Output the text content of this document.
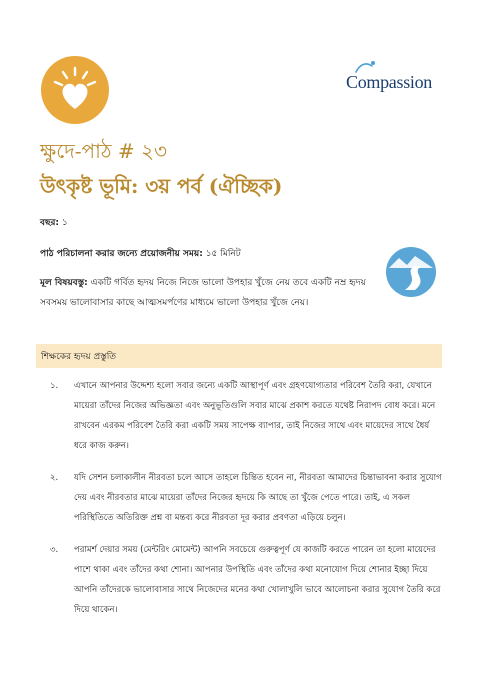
Compassion
ক্ষুদে-পাঠ # ২৩
উৎকৃষ্ট ভূমি: ৩য় পর্ব (ঐচ্ছিক)
বছর: ১
পাঠ পরিচালনা করার জন্যে প্রয়োজনীয় সময়: ১৫ মিনিট
মূল বিষয়বস্তু: একটি গর্বিত হৃদয় নিজে নিজে ভালো উপহার খুঁজে নেয় তবে একটি নম্র হৃদয় সবসময় ভালোবাসার কাছে আত্মসমর্পণের মাধ্যমে ভালো উপহার খুঁজে নেয়।
শিক্ষকের হৃদয় প্রস্তুতি
১. এখানে আপনার উদ্দেশ্য হলো সবার জন্যে একটি আস্থাপূর্ণ এবং গ্রহণযোগ্যতার পরিবেশ তৈরি করা, যেখানে মায়েরা তাঁদের নিজের অভিজ্ঞতা এবং অনুভূতিগুলি সবার মাঝে প্রকাশ করতে যথেষ্ট নিরাপদ বোধ করে। মনে রাখবেন এরকম পরিবেশ তৈরি করা একটি সময় সাপেক্ষ ব্যাপার, তাই নিজের সাথে এবং মায়েদের সাথে ধৈর্য ধরে কাজ করুন।
২. যদি সেশন চলাকালীন নীরবতা চলে আসে তাহলে চিন্তিত হবেন না, নীরবতা আমাদের চিন্তাভাবনা করার সুযোগ দেয় এবং নীরবতার মাঝে মায়েরা তাঁদের নিজের হৃদয়ে কি আছে তা খুঁজে পেতে পারে। তাই, এ সকল পরিস্থিতিতে অতিরিক্ত প্রশ্ন বা মন্তব্য করে নীরবতা দূর করার প্রবণতা এড়িয়ে চলুন।
৩. পরামর্শ দেয়ার সময় (মেন্টরিং মোমেন্ট) আপনি সবচেয়ে গুরুত্বপূর্ণ যে কাজটি করতে পারেন তা হলো মায়েদের পাশে থাকা এবং তাঁদের কথা শোনা। আপনার উপস্থিতি এবং তাঁদের কথা মনোযোগ দিয়ে শোনার ইচ্ছা দিয়ে আপনি তাঁদেরকে ভালোবাসার সাথে নিজেদের মনের কথা খোলাখুলি ভাবে আলোচনা করার সুযোগ তৈরি করে দিয়ে থাকেন।
